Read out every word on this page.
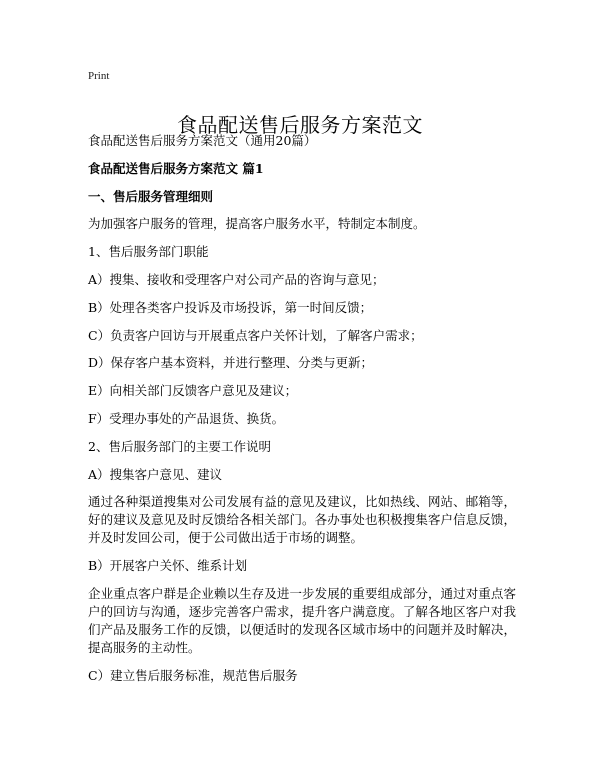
Print
食品配送售后服务方案范文
食品配送售后服务方案范文（通用20篇）
食品配送售后服务方案范文 篇1
一、售后服务管理细则
为加强客户服务的管理，提高客户服务水平，特制定本制度。
1、售后服务部门职能
A）搜集、接收和受理客户对公司产品的咨询与意见；
B）处理各类客户投诉及市场投诉，第一时间反馈；
C）负责客户回访与开展重点客户关怀计划，了解客户需求；
D）保存客户基本资料，并进行整理、分类与更新；
E）向相关部门反馈客户意见及建议；
F）受理办事处的产品退货、换货。
2、售后服务部门的主要工作说明
A）搜集客户意见、建议
通过各种渠道搜集对公司发展有益的意见及建议，比如热线、网站、邮箱等，好的建议及意见及时反馈给各相关部门。各办事处也积极搜集客户信息反馈，并及时发回公司，便于公司做出适于市场的调整。
B）开展客户关怀、维系计划
企业重点客户群是企业赖以生存及进一步发展的重要组成部分，通过对重点客户的回访与沟通，逐步完善客户需求，提升客户满意度。了解各地区客户对我们产品及服务工作的反馈，以便适时的发现各区域市场中的问题并及时解决，提高服务的主动性。
C）建立售后服务标准，规范售后服务
